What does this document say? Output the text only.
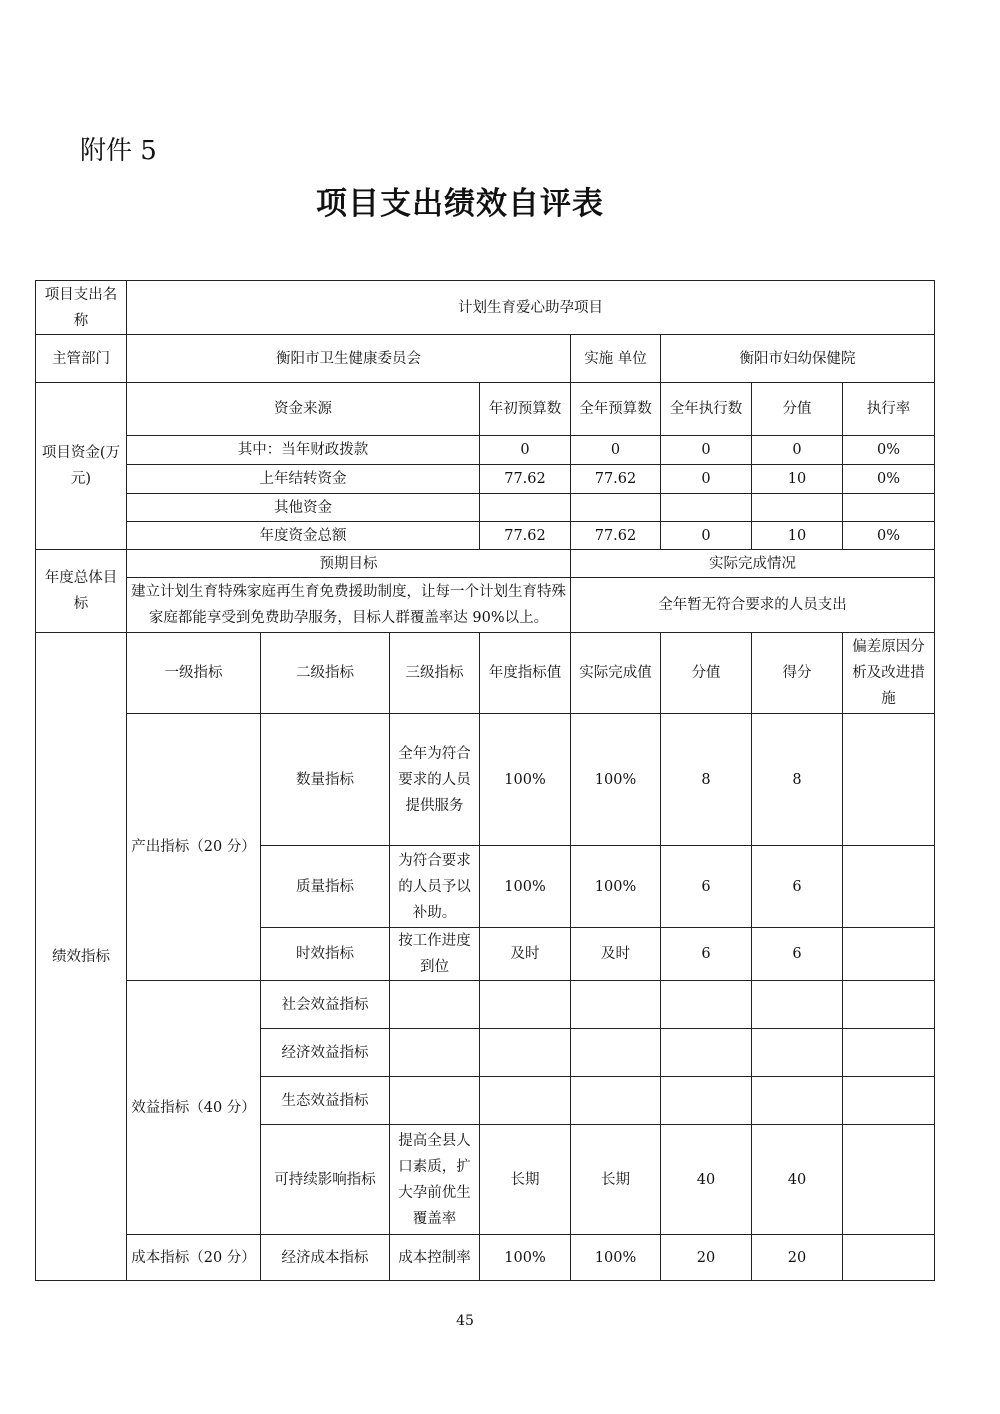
附件 5
项目支出绩效自评表
项目支出名称	计划生育爱心助孕项目								
主管部门	衡阳市卫生健康委员会				实施 单位	衡阳市妇幼保健院			
项目资金(万元)	资金来源			年初预算数	全年预算数	全年执行数	分值	执行率	
	其中：当年财政拨款			0	0	0	0	0%	
	上年结转资金			77.62	77.62	0	10	0%	
	其他资金								
	年度资金总额			77.62	77.62	0	10	0%	
年度总体目标	预期目标				实际完成情况				
	建立计划生育特殊家庭再生育免费援助制度，让每一个计划生育特殊家庭都能享受到免费助孕服务，目标人群覆盖率达 90%以上。				全年暂无符合要求的人员支出				
绩效指标	一级指标	二级指标	三级指标	年度指标值	实际完成值	分值	得分	偏差原因分析及改进措施	
	产出指标（20 分）	数量指标	全年为符合要求的人员提供服务	100%	100%	8	8		
		质量指标	为符合要求的人员予以补助。	100%	100%	6	6		
		时效指标	按工作进度到位	及时	及时	6	6		
	效益指标（40 分）	社会效益指标							
		经济效益指标							
		生态效益指标							
		可持续影响指标	提高全县人口素质，扩大孕前优生覆盖率	长期	长期	40	40		
	成本指标（20 分）	经济成本指标	成本控制率	100%	100%	20	20		
45
